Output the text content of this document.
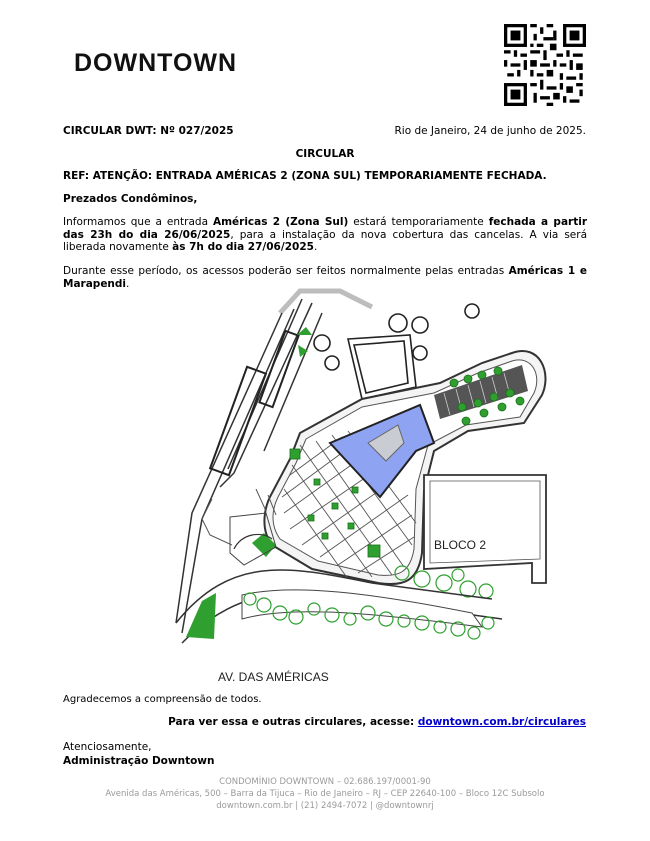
DOWNTOWN
CIRCULAR DWT: Nº 027/2025	Rio de Janeiro, 24 de junho de 2025.
CIRCULAR
REF: ATENÇÃO: ENTRADA AMÉRICAS 2 (ZONA SUL) TEMPORARIAMENTE FECHADA.
Prezados Condôminos,
Informamos que a entrada Américas 2 (Zona Sul) estará temporariamente fechada a partir das 23h do dia 26/06/2025, para a instalação da nova cobertura das cancelas. A via será liberada novamente às 7h do dia 27/06/2025.
Durante esse período, os acessos poderão ser feitos normalmente pelas entradas Américas 1 e Marapendi.
BLOCO 2
AV. DAS AMÉRICAS
Agradecemos a compreensão de todos.
Para ver essa e outras circulares, acesse: downtown.com.br/circulares
Atenciosamente,
Administração Downtown
CONDOMÍNIO DOWNTOWN – 02.686.197/0001-90
Avenida das Américas, 500 – Barra da Tijuca – Rio de Janeiro – RJ – CEP 22640-100 – Bloco 12C Subsolo
downtown.com.br | (21) 2494-7072 | @downtownrj
